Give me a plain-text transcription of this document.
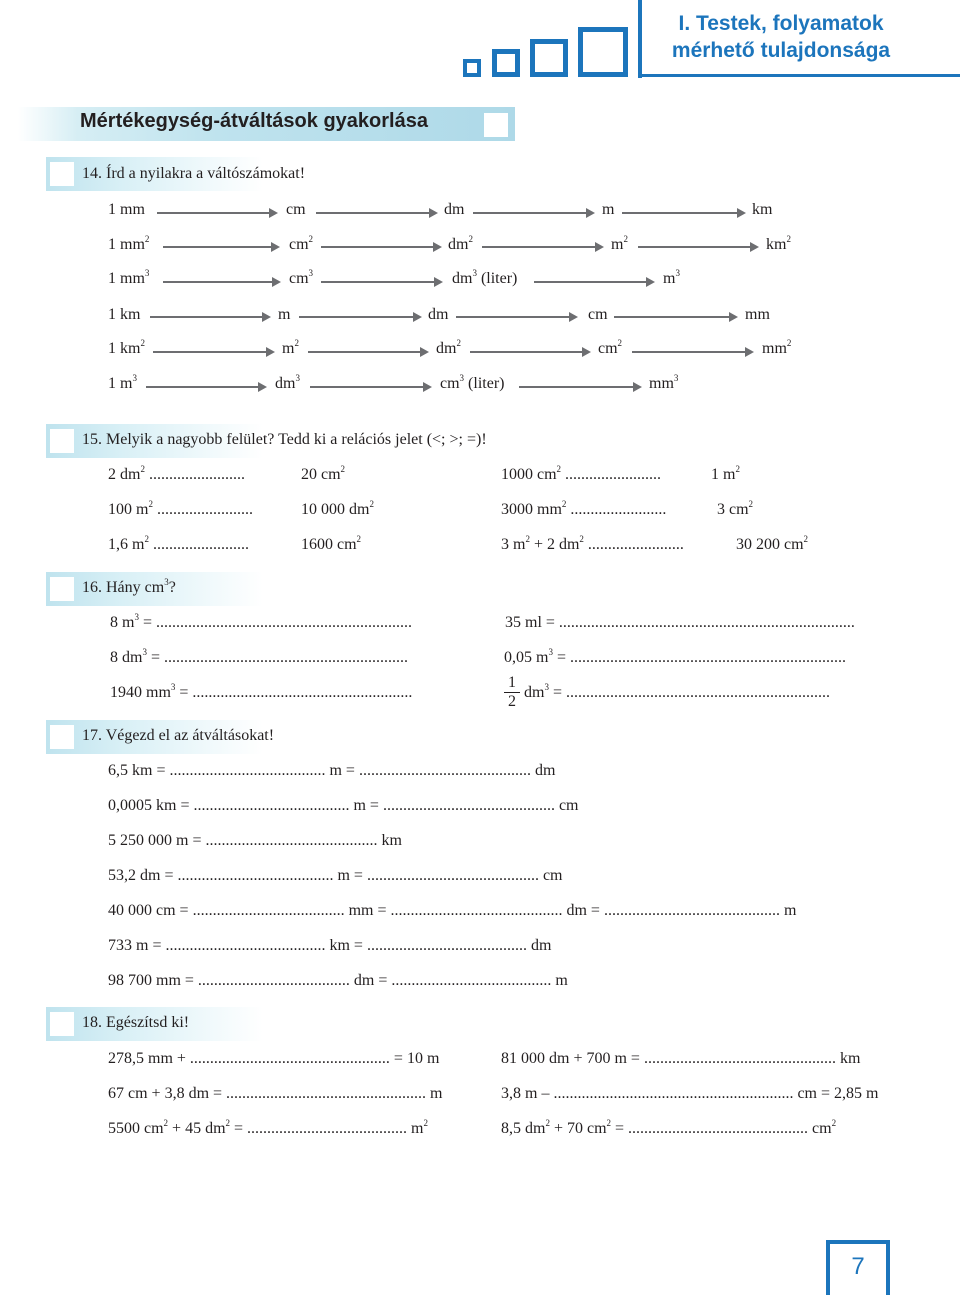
I. Testek, folyamatok
mérhető tulajdonsága
Mértékegység-átváltások gyakorlása
14. Írd a nyilakra a váltószámokat!
1 mm	cm	dm	m	km
1 $mm^2$	$cm^2$	$dm^2$	$m^2$	$km^2$
1 $mm^3$	$cm^3$	$dm^3$ (liter)	$m^3$
1 km	m	dm	cm	mm
1 $km^2$	$m^2$	$dm^2$	$cm^2$	$mm^2$
1 $m^3$	$dm^3$	$cm^3$ (liter)	$mm^3$
15. Melyik a nagyobb felület? Tedd ki a relációs jelet (<; >; =)!
2 $dm^2$ ........................	20 $cm^2$	1000 $cm^2$ ........................	1 $m^2$
100 $m^2$ ........................	10 000 $dm^2$	3000 $mm^2$ ........................	3 $cm^2$
1,6 $m^2$ ........................	1600 $cm^2$	3 $m^2 + 2$ $dm^2$ ........................	30 200 $cm^2$
16. Hány $cm^3$?
8 $m^3$ = ................................................................	35 ml = ..........................................................................
8 $dm^3$ = .............................................................	0,05 $m^3$ = .....................................................................
1940 $mm^3$ = .......................................................	$\frac{1}{2} dm^3$ = ..................................................................
17. Végezd el az átváltásokat!
6,5 km = ....................................... m = ........................................... dm
0,0005 km = ....................................... m = ........................................... cm
5 250 000 m = ........................................... km
53,2 dm = ....................................... m = ........................................... cm
40 000 cm = ...................................... mm = ........................................... dm = ............................................ m
733 m = ........................................ km = ........................................ dm
98 700 mm = ...................................... dm = ........................................ m
18. Egészítsd ki!
278,5 mm + .................................................. = 10 m
67 cm + 3,8 dm = .................................................. m
5500 $cm^2 + 45$ $dm^2$ = ........................................ $m^2$
81 000 dm + 700 m = ................................................ km
3,8 m – ............................................................ cm = 2,85 m
8,5 $dm^2 + 70$ $cm^2$ = ............................................. $cm^2$
7
